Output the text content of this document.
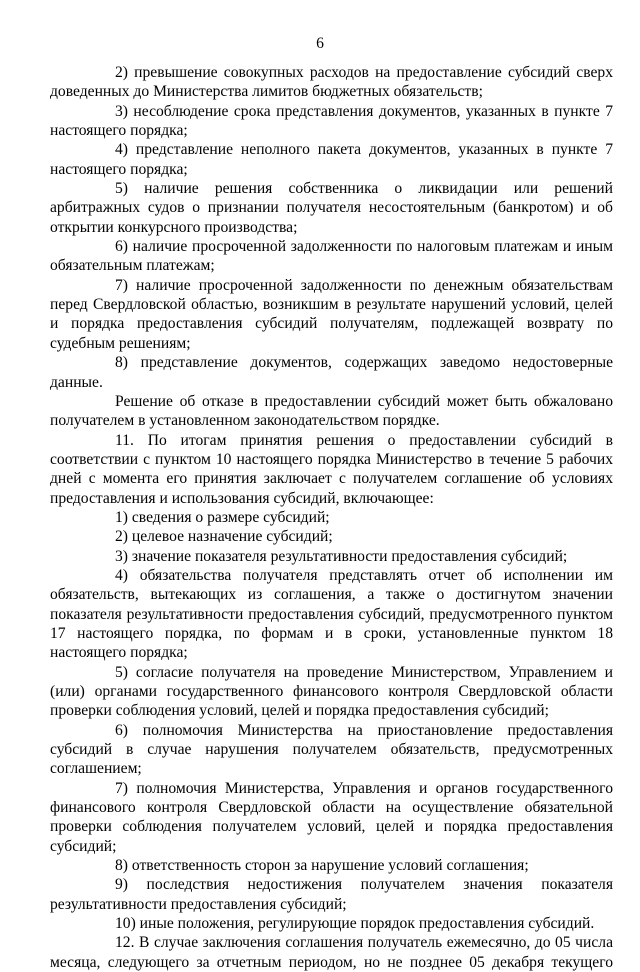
6

2) превышение совокупных расходов на предоставление субсидий сверх доведенных до Министерства лимитов бюджетных обязательств;

3) несоблюдение срока представления документов, указанных в пункте 7 настоящего порядка;

4) представление неполного пакета документов, указанных в пункте 7 настоящего порядка;

5) наличие решения собственника о ликвидации или решений арбитражных судов о признании получателя несостоятельным (банкротом) и об открытии конкурсного производства;

6) наличие просроченной задолженности по налоговым платежам и иным обязательным платежам;

7) наличие просроченной задолженности по денежным обязательствам перед Свердловской областью, возникшим в результате нарушений условий, целей и порядка предоставления субсидий получателям, подлежащей возврату по судебным решениям;

8) представление документов, содержащих заведомо недостоверные данные.

Решение об отказе в предоставлении субсидий может быть обжаловано получателем в установленном законодательством порядке.

11. По итогам принятия решения о предоставлении субсидий в соответствии с пунктом 10 настоящего порядка Министерство в течение 5 рабочих дней с момента его принятия заключает с получателем соглашение об условиях предоставления и использования субсидий, включающее:

1) сведения о размере субсидий;

2) целевое назначение субсидий;

3) значение показателя результативности предоставления субсидий;

4) обязательства получателя представлять отчет об исполнении им обязательств, вытекающих из соглашения, а также о достигнутом значении показателя результативности предоставления субсидий, предусмотренного пунктом 17 настоящего порядка, по формам и в сроки, установленные пунктом 18 настоящего порядка;

5) согласие получателя на проведение Министерством, Управлением и (или) органами государственного финансового контроля Свердловской области проверки соблюдения условий, целей и порядка предоставления субсидий;

6) полномочия Министерства на приостановление предоставления субсидий в случае нарушения получателем обязательств, предусмотренных соглашением;

7) полномочия Министерства, Управления и органов государственного финансового контроля Свердловской области на осуществление обязательной проверки соблюдения получателем условий, целей и порядка предоставления субсидий;

8) ответственность сторон за нарушение условий соглашения;

9) последствия недостижения получателем значения показателя результативности предоставления субсидий;

10) иные положения, регулирующие порядок предоставления субсидий.

12. В случае заключения соглашения получатель ежемесячно, до 05 числа месяца, следующего за отчетным периодом, но не позднее 05 декабря текущего
